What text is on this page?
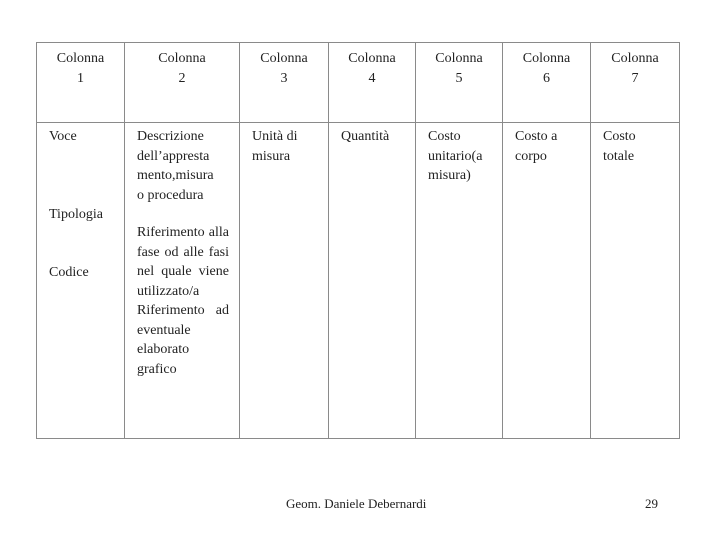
Colonna
1	Colonna
2	Colonna
3	Colonna
4	Colonna
5	Colonna
6	Colonna
7

Voce
Tipologia
Codice	Descrizione
dell’appresta
mento,misura
o procedura
Riferimento alla fase od alle fasi nel quale viene utilizzato/a Riferimento ad eventuale elaborato grafico	Unità di
misura	Quantità	Costo
unitario(a
misura)	Costo a
corpo	Costo
totale
Geom. Daniele Debernardi	29
